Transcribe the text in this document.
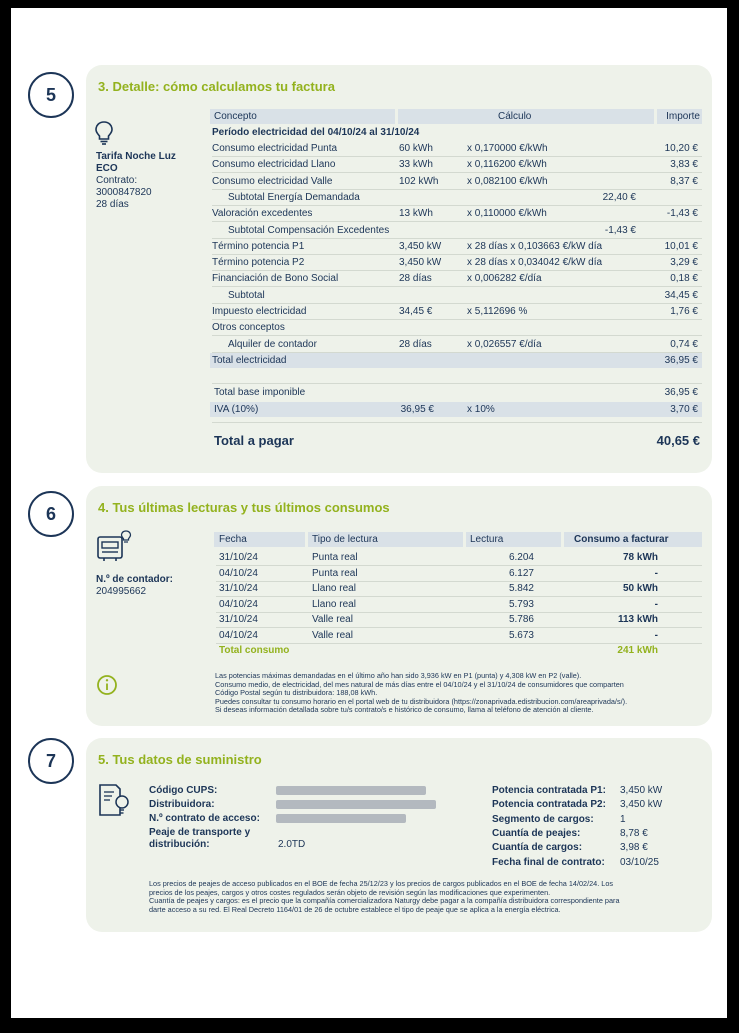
5
6
7
3. Detalle: cómo calculamos tu factura
Tarifa Noche Luz
ECO
Contrato:
3000847820
28 días
Concepto	Cálculo	Importe
Período electricidad del 04/10/24 al 31/10/24
Consumo electricidad Punta	60 kWh	x 0,170000 €/kWh	10,20 €
Consumo electricidad Llano	33 kWh	x 0,116200 €/kWh	3,83 €
Consumo electricidad Valle	102 kWh	x 0,082100 €/kWh	8,37 €
Subtotal Energía Demandada	22,40 €
Valoración excedentes	13 kWh	x 0,110000 €/kWh	-1,43 €
Subtotal Compensación Excedentes	-1,43 €
Término potencia P1	3,450 kW	x 28 días x 0,103663 €/kW día	10,01 €
Término potencia P2	3,450 kW	x 28 días x 0,034042 €/kW día	3,29 €
Financiación de Bono Social	28 días	x 0,006282 €/día	0,18 €
Subtotal	34,45 €
Impuesto electricidad	34,45 €	x 5,112696 %	1,76 €
Otros conceptos
Alquiler de contador	28 días	x 0,026557 €/día	0,74 €
Total electricidad	36,95 €
Total base imponible	36,95 €
IVA (10%)	36,95 €	x 10%	3,70 €
Total a pagar	40,65 €
4. Tus últimas lecturas y tus últimos consumos
N.º de contador:
204995662
Fecha	Tipo de lectura	Lectura	Consumo a facturar
31/10/24	Punta real	6.204	78 kWh
04/10/24	Punta real	6.127	-
31/10/24	Llano real	5.842	50 kWh
04/10/24	Llano real	5.793	-
31/10/24	Valle real	5.786	113 kWh
04/10/24	Valle real	5.673	-
Total consumo	241 kWh
Las potencias máximas demandadas en el último año han sido 3,936 kW en P1 (punta) y 4,308 kW en P2 (valle).
Consumo medio, de electricidad, del mes natural de más días entre el 04/10/24 y el 31/10/24 de consumidores que comparten
Código Postal según tu distribuidora: 188,08 kWh.
Puedes consultar tu consumo horario en el portal web de tu distribuidora (https://zonaprivada.edistribucion.com/areaprivada/s/).
Si deseas información detallada sobre tu/s contrato/s e histórico de consumo, llama al teléfono de atención al cliente.
5. Tus datos de suministro
Código CUPS:
Distribuidora:
N.º contrato de acceso:
Peaje de transporte y
distribución:	2.0TD
Potencia contratada P1: 3,450 kW
Potencia contratada P2: 3,450 kW
Segmento de cargos:	1
Cuantía de peajes:	8,78 €
Cuantía de cargos:	3,98 €
Fecha final de contrato: 03/10/25
Los precios de peajes de acceso publicados en el BOE de fecha 25/12/23 y los precios de cargos publicados en el BOE de fecha 14/02/24. Los
precios de los peajes, cargos y otros costes regulados serán objeto de revisión según las modificaciones que experimenten.
Cuantía de peajes y cargos: es el precio que la compañía comercializadora Naturgy debe pagar a la compañía distribuidora correspondiente para
darte acceso a su red. El Real Decreto 1164/01 de 26 de octubre establece el tipo de peaje que se aplica a la energía eléctrica.
